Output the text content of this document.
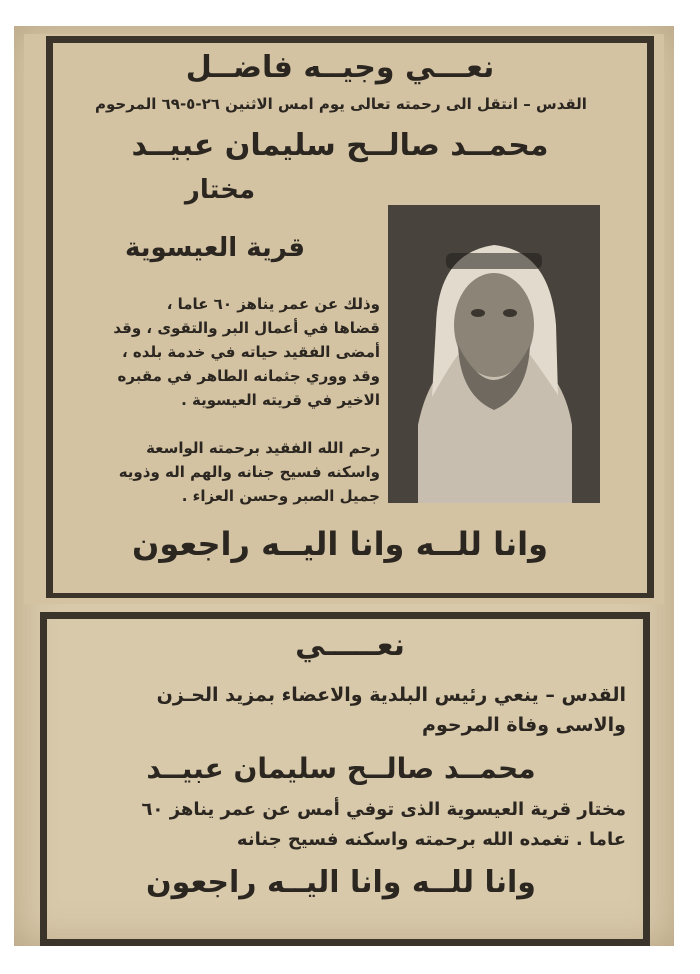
نعـــي وجيــه فاضــل
القدس – انتقل الى رحمته تعالى يوم امس الاثنين ٢٦-٥-٦٩ المرحوم
محمــد صالــح سليمان عبيــد
مختار
قرية العيسوية
وذلك عن عمر يناهز ٦٠ عاما ،
قضاها في أعمال البر والتقوى ، وقد
أمضى الفقيد حياته في خدمة بلده ،
وقد ووري جثمانه الطاهر في مقبره
الاخير في قريته العيسوية .
رحم الله الفقيد برحمته الواسعة
واسكنه فسيح جنانه والهم اله وذويه
جميل الصبر وحسن العزاء .
وانا للــه وانا اليــه راجعون
نعـــــي
القدس – ينعي رئيس البلدية والاعضاء بمزيد الحـزن
والاسى وفاة المرحوم
محمــد صالــح سليمان عبيــد
مختار قرية العيسوية الذى توفي أمس عن عمر يناهز ٦٠
عاما . تغمده الله برحمته واسكنه فسيح جنانه
وانا للــه وانا اليــه راجعون
